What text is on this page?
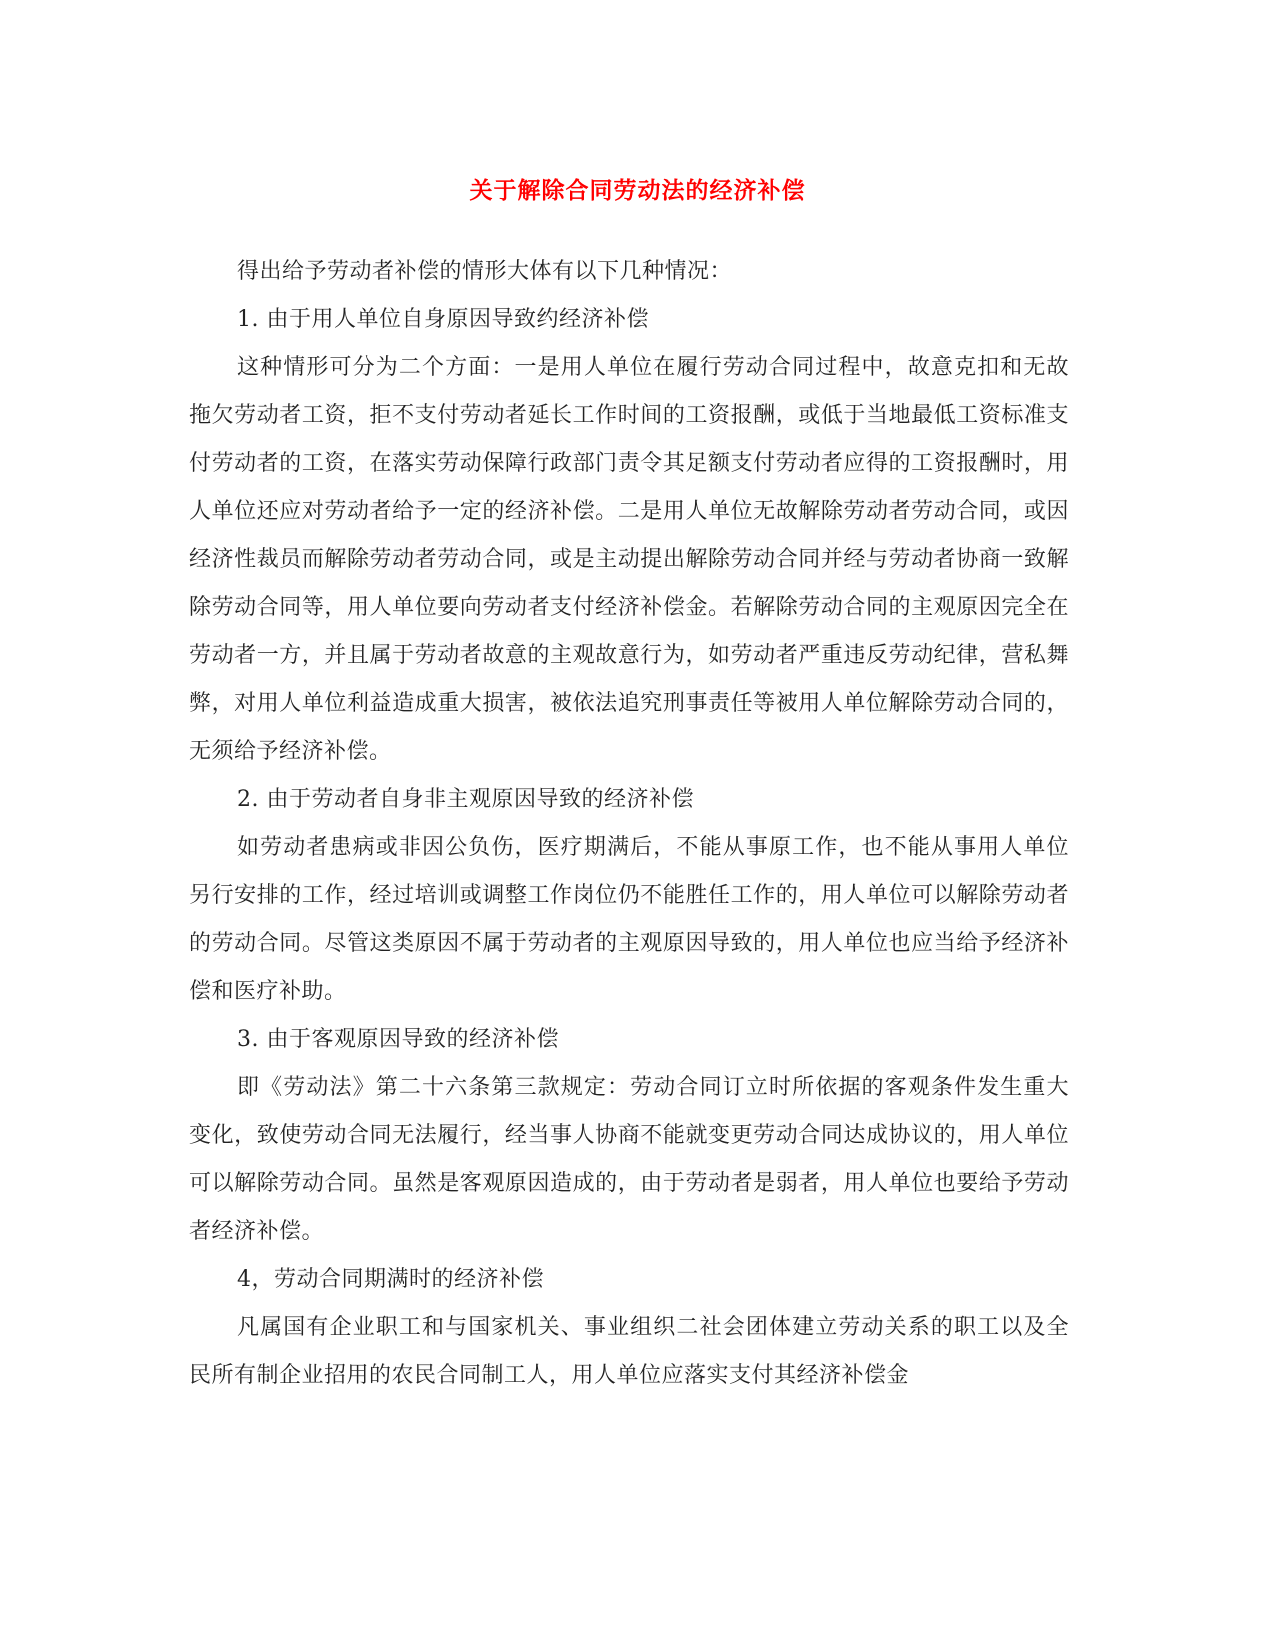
关于解除合同劳动法的经济补偿

得出给予劳动者补偿的情形大体有以下几种情况：

1. 由于用人单位自身原因导致约经济补偿

这种情形可分为二个方面：一是用人单位在履行劳动合同过程中，故意克扣和无故拖欠劳动者工资，拒不支付劳动者延长工作时间的工资报酬，或低于当地最低工资标准支付劳动者的工资，在落实劳动保障行政部门责令其足额支付劳动者应得的工资报酬时，用人单位还应对劳动者给予一定的经济补偿。二是用人单位无故解除劳动者劳动合同，或因经济性裁员而解除劳动者劳动合同，或是主动提出解除劳动合同并经与劳动者协商一致解除劳动合同等，用人单位要向劳动者支付经济补偿金。若解除劳动合同的主观原因完全在劳动者一方，并且属于劳动者故意的主观故意行为，如劳动者严重违反劳动纪律，营私舞弊，对用人单位利益造成重大损害，被依法追究刑事责任等被用人单位解除劳动合同的，无须给予经济补偿。

2. 由于劳动者自身非主观原因导致的经济补偿

如劳动者患病或非因公负伤，医疗期满后，不能从事原工作，也不能从事用人单位另行安排的工作，经过培训或调整工作岗位仍不能胜任工作的，用人单位可以解除劳动者的劳动合同。尽管这类原因不属于劳动者的主观原因导致的，用人单位也应当给予经济补偿和医疗补助。

3. 由于客观原因导致的经济补偿

即《劳动法》第二十六条第三款规定：劳动合同订立时所依据的客观条件发生重大变化，致使劳动合同无法履行，经当事人协商不能就变更劳动合同达成协议的，用人单位可以解除劳动合同。虽然是客观原因造成的，由于劳动者是弱者，用人单位也要给予劳动者经济补偿。

4，劳动合同期满时的经济补偿

凡属国有企业职工和与国家机关、事业组织二社会团体建立劳动关系的职工以及全民所有制企业招用的农民合同制工人，用人单位应落实支付其经济补偿金
